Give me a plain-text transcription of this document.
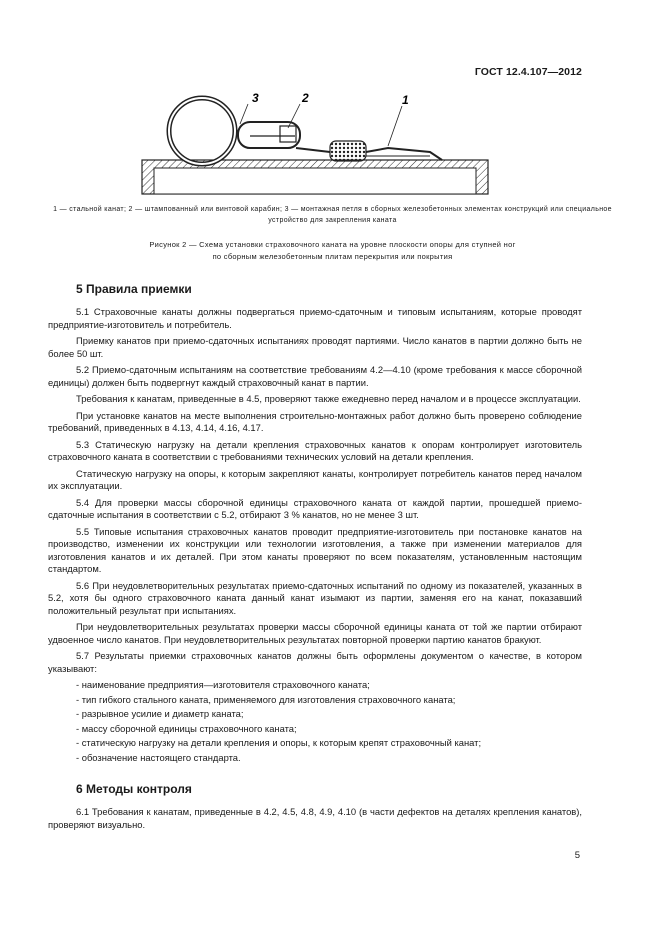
ГОСТ 12.4.107—2012
3	2	1
1 — стальной канат; 2 — штампованный или винтовой карабин; 3 — монтажная петля в сборных железобетонных элементах конструкций или специальное устройство для закрепления каната
Рисунок 2 — Схема установки страховочного каната на уровне плоскости опоры для ступней ног
по сборным железобетонным плитам перекрытия или покрытия
5 Правила приемки

5.1 Страховочные канаты должны подвергаться приемо-сдаточным и типовым испытаниям, которые проводят предприятие-изготовитель и потребитель.

Приемку канатов при приемо-сдаточных испытаниях проводят партиями. Число канатов в партии должно быть не более 50 шт.

5.2 Приемо-сдаточным испытаниям на соответствие требованиям 4.2—4.10 (кроме требования к массе сборочной единицы) должен быть подвергнут каждый страховочный канат в партии.

Требования к канатам, приведенные в 4.5, проверяют также ежедневно перед началом и в процессе эксплуатации.

При установке канатов на месте выполнения строительно-монтажных работ должно быть проверено соблюдение требований, приведенных в 4.13, 4.14, 4.16, 4.17.

5.3 Статическую нагрузку на детали крепления страховочных канатов к опорам контролирует изготовитель страховочного каната в соответствии с требованиями технических условий на детали крепления.

Статическую нагрузку на опоры, к которым закрепляют канаты, контролирует потребитель канатов перед началом их эксплуатации.

5.4 Для проверки массы сборочной единицы страховочного каната от каждой партии, прошедшей приемо-сдаточные испытания в соответствии с 5.2, отбирают 3 % канатов, но не менее 3 шт.

5.5 Типовые испытания страховочных канатов проводит предприятие-изготовитель при постановке канатов на производство, изменении их конструкции или технологии изготовления, а также при изменении материалов для изготовления канатов и их деталей. При этом канаты проверяют по всем показателям, установленным настоящим стандартом.

5.6 При неудовлетворительных результатах приемо-сдаточных испытаний по одному из показателей, указанных в 5.2, хотя бы одного страховочного каната данный канат изымают из партии, заменяя его на канат, показавший положительный результат при испытаниях.

При неудовлетворительных результатах проверки массы сборочной единицы каната от той же партии отбирают удвоенное число канатов. При неудовлетворительных результатах повторной проверки партию канатов бракуют.

5.7 Результаты приемки страховочных канатов должны быть оформлены документом о качестве, в котором указывают:

- наименование предприятия—изготовителя страховочного каната;
- тип гибкого стального каната, применяемого для изготовления страховочного каната;
- разрывное усилие и диаметр каната;
- массу сборочной единицы страховочного каната;
- статическую нагрузку на детали крепления и опоры, к которым крепят страховочный канат;
- обозначение настоящего стандарта.
6 Методы контроля

6.1 Требования к канатам, приведенные в 4.2, 4.5, 4.8, 4.9, 4.10 (в части дефектов на деталях крепления канатов), проверяют визуально.

5
